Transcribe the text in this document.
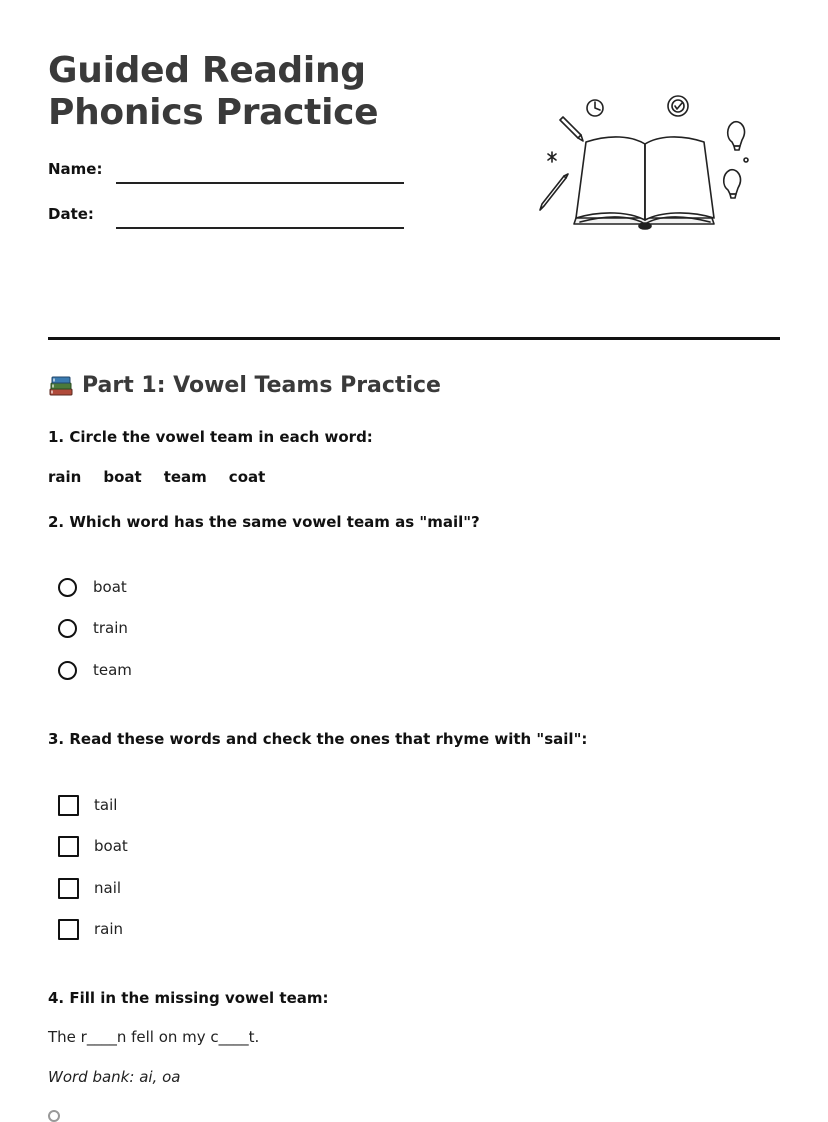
Guided Reading Phonics Practice
Name:
Date:
Part 1: Vowel Teams Practice
1. Circle the vowel team in each word:
rain boat team coat
2. Which word has the same vowel team as "mail"?
boat
train
team
3. Read these words and check the ones that rhyme with "sail":
tail
boat
nail
rain
4. Fill in the missing vowel team:
The r____n fell on my c____t.
Word bank: ai, oa
